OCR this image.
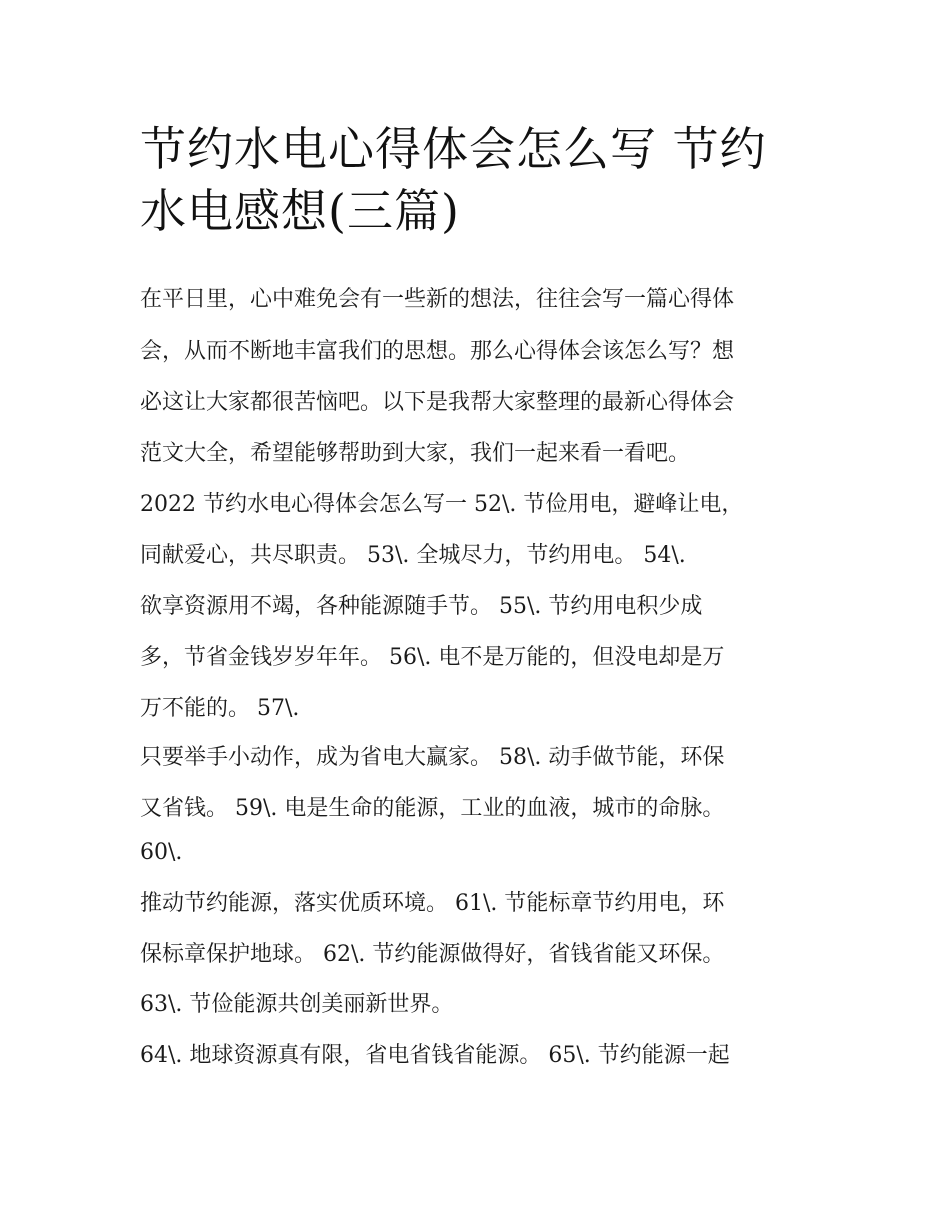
节约水电心得体会怎么写 节约
水电感想(三篇)
在平日里，心中难免会有一些新的想法，往往会写一篇心得体
会，从而不断地丰富我们的思想。那么心得体会该怎么写？想
必这让大家都很苦恼吧。以下是我帮大家整理的最新心得体会
范文大全，希望能够帮助到大家，我们一起来看一看吧。
2022 节约水电心得体会怎么写一 52\. 节俭用电，避峰让电，
同献爱心，共尽职责。 53\. 全城尽力，节约用电。 54\.
欲享资源用不竭，各种能源随手节。 55\. 节约用电积少成
多，节省金钱岁岁年年。 56\. 电不是万能的，但没电却是万
万不能的。 57\.
只要举手小动作，成为省电大赢家。 58\. 动手做节能，环保
又省钱。 59\. 电是生命的能源，工业的血液，城市的命脉。
60\.
推动节约能源，落实优质环境。 61\. 节能标章节约用电，环
保标章保护地球。 62\. 节约能源做得好，省钱省能又环保。
63\. 节俭能源共创美丽新世界。
64\. 地球资源真有限，省电省钱省能源。 65\. 节约能源一起
